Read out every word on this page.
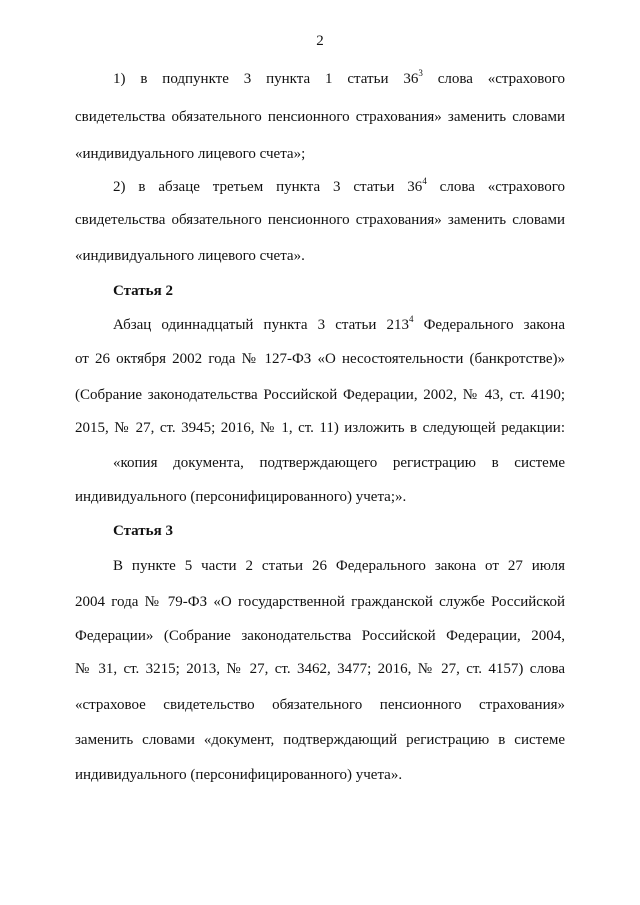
2
1) в подпункте 3 пункта 1 статьи $36^3$ слова «страхового
свидетельства обязательного пенсионного страхования» заменить словами
«индивидуального лицевого счета»;
2) в абзаце третьем пункта 3 статьи $36^4$ слова «страхового
свидетельства обязательного пенсионного страхования» заменить словами
«индивидуального лицевого счета».
Статья 2
Абзац одиннадцатый пункта 3 статьи $213^4$ Федерального закона
от 26 октября 2002 года № 127-ФЗ «О несостоятельности (банкротстве)»
(Собрание законодательства Российской Федерации, 2002, № 43, ст. 4190;
2015, № 27, ст. 3945; 2016, № 1, ст. 11) изложить в следующей редакции:
«копия документа, подтверждающего регистрацию в системе
индивидуального (персонифицированного) учета;».
Статья 3
В пункте 5 части 2 статьи 26 Федерального закона от 27 июля
2004 года № 79-ФЗ «О государственной гражданской службе Российской
Федерации» (Собрание законодательства Российской Федерации, 2004,
№ 31, ст. 3215; 2013, № 27, ст. 3462, 3477; 2016, № 27, ст. 4157) слова
«страховое свидетельство обязательного пенсионного страхования»
заменить словами «документ, подтверждающий регистрацию в системе
индивидуального (персонифицированного) учета».
